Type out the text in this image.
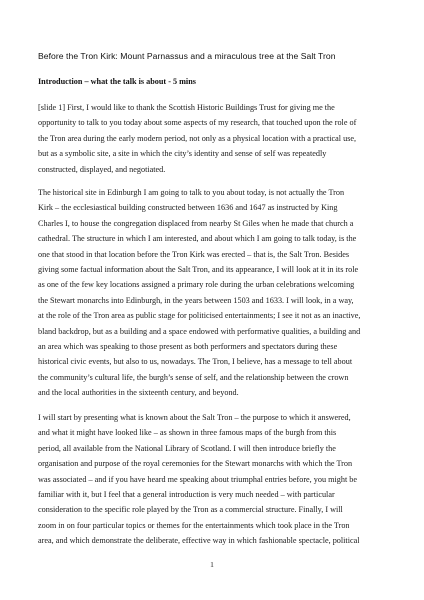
Before the Tron Kirk: Mount Parnassus and a miraculous tree at the Salt Tron
Introduction – what the talk is about - 5 mins
[slide 1] First, I would like to thank the Scottish Historic Buildings Trust for giving me the
opportunity to talk to you today about some aspects of my research, that touched upon the role of
the Tron area during the early modern period, not only as a physical location with a practical use,
but as a symbolic site, a site in which the city’s identity and sense of self was repeatedly
constructed, displayed, and negotiated.
The historical site in Edinburgh I am going to talk to you about today, is not actually the Tron
Kirk – the ecclesiastical building constructed between 1636 and 1647 as instructed by King
Charles I, to house the congregation displaced from nearby St Giles when he made that church a
cathedral. The structure in which I am interested, and about which I am going to talk today, is the
one that stood in that location before the Tron Kirk was erected – that is, the Salt Tron. Besides
giving some factual information about the Salt Tron, and its appearance, I will look at it in its role
as one of the few key locations assigned a primary role during the urban celebrations welcoming
the Stewart monarchs into Edinburgh, in the years between 1503 and 1633. I will look, in a way,
at the role of the Tron area as public stage for politicised entertainments; I see it not as an inactive,
bland backdrop, but as a building and a space endowed with performative qualities, a building and
an area which was speaking to those present as both performers and spectators during these
historical civic events, but also to us, nowadays. The Tron, I believe, has a message to tell about
the community’s cultural life, the burgh’s sense of self, and the relationship between the crown
and the local authorities in the sixteenth century, and beyond.
I will start by presenting what is known about the Salt Tron – the purpose to which it answered,
and what it might have looked like – as shown in three famous maps of the burgh from this
period, all available from the National Library of Scotland. I will then introduce briefly the
organisation and purpose of the royal ceremonies for the Stewart monarchs with which the Tron
was associated – and if you have heard me speaking about triumphal entries before, you might be
familiar with it, but I feel that a general introduction is very much needed – with particular
consideration to the specific role played by the Tron as a commercial structure. Finally, I will
zoom in on four particular topics or themes for the entertainments which took place in the Tron
area, and which demonstrate the deliberate, effective way in which fashionable spectacle, political
1
